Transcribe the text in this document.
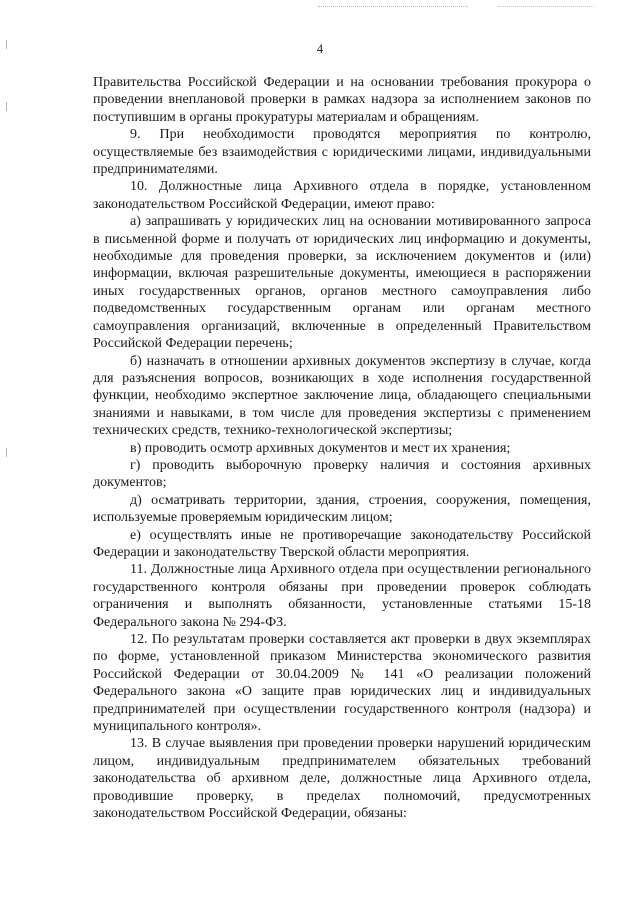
4

Правительства Российской Федерации и на основании требования прокурора о проведении внеплановой проверки в рамках надзора за исполнением законов по поступившим в органы прокуратуры материалам и обращениям.

9. При необходимости проводятся мероприятия по контролю, осуществляемые без взаимодействия с юридическими лицами, индивидуальными предпринимателями.

10. Должностные лица Архивного отдела в порядке, установленном законодательством Российской Федерации, имеют право:

а) запрашивать у юридических лиц на основании мотивированного запроса в письменной форме и получать от юридических лиц информацию и документы, необходимые для проведения проверки, за исключением документов и (или) информации, включая разрешительные документы, имеющиеся в распоряжении иных государственных органов, органов местного самоуправления либо подведомственных государственным органам или органам местного самоуправления организаций, включенные в определенный Правительством Российской Федерации перечень;

б) назначать в отношении архивных документов экспертизу в случае, когда для разъяснения вопросов, возникающих в ходе исполнения государственной функции, необходимо экспертное заключение лица, обладающего специальными знаниями и навыками, в том числе для проведения экспертизы с применением технических средств, технико-технологической экспертизы;

в) проводить осмотр архивных документов и мест их хранения;

г) проводить выборочную проверку наличия и состояния архивных документов;

д) осматривать территории, здания, строения, сооружения, помещения, используемые проверяемым юридическим лицом;

е) осуществлять иные не противоречащие законодательству Российской Федерации и законодательству Тверской области мероприятия.

11. Должностные лица Архивного отдела при осуществлении регионального государственного контроля обязаны при проведении проверок соблюдать ограничения и выполнять обязанности, установленные статьями 15-18 Федерального закона № 294-ФЗ.

12. По результатам проверки составляется акт проверки в двух экземплярах по форме, установленной приказом Министерства экономического развития Российской Федерации от 30.04.2009 № 141 «О реализации положений Федерального закона «О защите прав юридических лиц и индивидуальных предпринимателей при осуществлении государственного контроля (надзора) и муниципального контроля».

13. В случае выявления при проведении проверки нарушений юридическим лицом, индивидуальным предпринимателем обязательных требований законодательства об архивном деле, должностные лица Архивного отдела, проводившие проверку, в пределах полномочий, предусмотренных законодательством Российской Федерации, обязаны:
